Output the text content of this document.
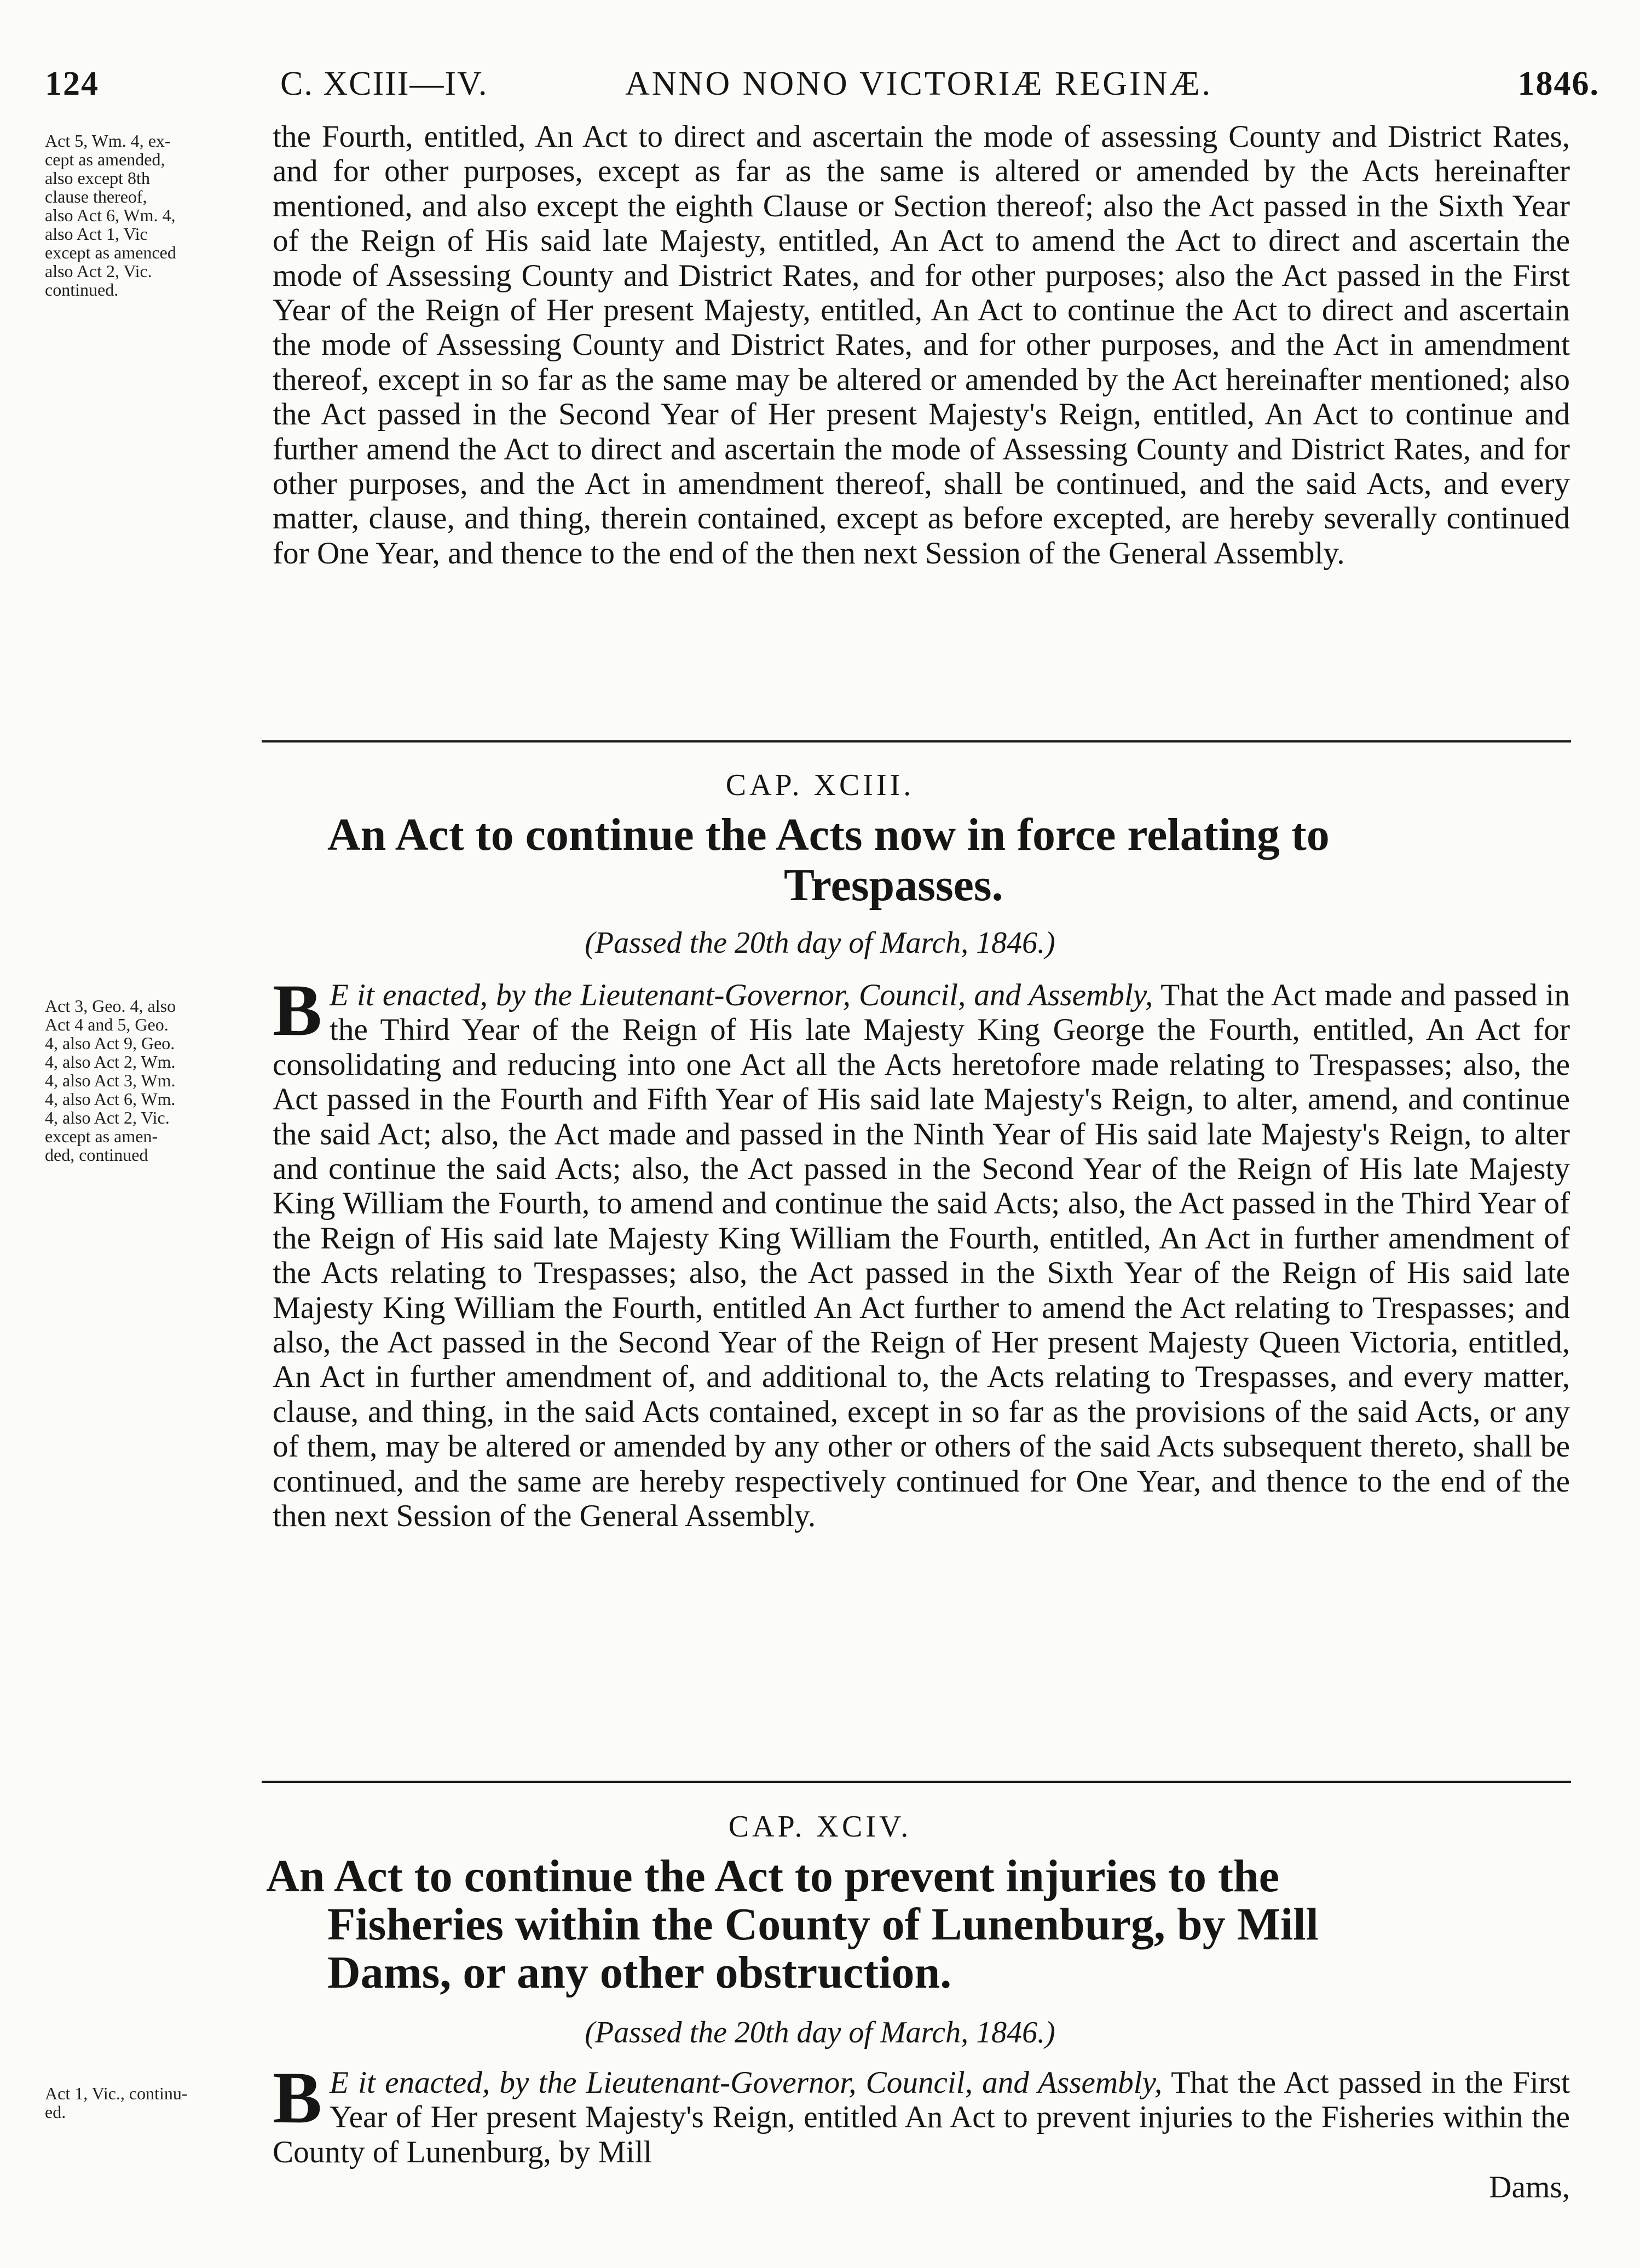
124	C. XCIII—IV.	ANNO NONO VICTORIÆ REGINÆ.	1846.
Act 5, Wm. 4, ex-
cept as amended,
also except 8th
clause thereof,
also Act 6, Wm. 4,
also Act 1, Vic
except as amenced
also Act 2, Vic.
continued.
the Fourth, entitled, An Act to direct and ascertain the mode of assessing County and District Rates, and for other purposes, except as far as the same is altered or amended by the Acts hereinafter mentioned, and also except the eighth Clause or Section thereof; also the Act passed in the Sixth Year of the Reign of His said late Majesty, entitled, An Act to amend the Act to direct and ascertain the mode of Assessing County and District Rates, and for other purposes; also the Act passed in the First Year of the Reign of Her present Majesty, entitled, An Act to continue the Act to direct and ascertain the mode of Assessing County and District Rates, and for other purposes, and the Act in amendment thereof, except in so far as the same may be altered or amended by the Act hereinafter mentioned; also the Act passed in the Second Year of Her present Majesty's Reign, entitled, An Act to continue and further amend the Act to direct and ascertain the mode of Assessing County and District Rates, and for other purposes, and the Act in amendment thereof, shall be continued, and the said Acts, and every matter, clause, and thing, therein contained, except as before excepted, are hereby severally continued for One Year, and thence to the end of the then next Session of the General Assembly.
CAP. XCIII.
An Act to continue the Acts now in force relating to
Trespasses.
(Passed the 20th day of March, 1846.)
Act 3, Geo. 4, also
Act 4 and 5, Geo.
4, also Act 9, Geo.
4, also Act 2, Wm.
4, also Act 3, Wm.
4, also Act 6, Wm.
4, also Act 2, Vic.
except as amen-
ded, continued
B E it enacted, by the Lieutenant-Governor, Council, and Assembly, That the Act made and passed in the Third Year of the Reign of His late Majesty King George the Fourth, entitled, An Act for consolidating and reducing into one Act all the Acts heretofore made relating to Trespasses; also, the Act passed in the Fourth and Fifth Year of His said late Majesty's Reign, to alter, amend, and continue the said Act; also, the Act made and passed in the Ninth Year of His said late Majesty's Reign, to alter and continue the said Acts; also, the Act passed in the Second Year of the Reign of His late Majesty King William the Fourth, to amend and continue the said Acts; also, the Act passed in the Third Year of the Reign of His said late Majesty King William the Fourth, entitled, An Act in further amendment of the Acts relating to Trespasses; also, the Act passed in the Sixth Year of the Reign of His said late Majesty King William the Fourth, entitled An Act further to amend the Act relating to Trespasses; and also, the Act passed in the Second Year of the Reign of Her present Majesty Queen Victoria, entitled, An Act in further amendment of, and additional to, the Acts relating to Trespasses, and every matter, clause, and thing, in the said Acts contained, except in so far as the provisions of the said Acts, or any of them, may be altered or amended by any other or others of the said Acts subsequent thereto, shall be continued, and the same are hereby respectively continued for One Year, and thence to the end of the then next Session of the General Assembly.
CAP. XCIV.
An Act to continue the Act to prevent injuries to the
Fisheries within the County of Lunenburg, by Mill
Dams, or any other obstruction.
(Passed the 20th day of March, 1846.)
Act 1, Vic., continu-
ed.	B E it enacted, by the Lieutenant-Governor, Council, and Assembly, That the Act passed in the First Year of Her present Majesty's Reign, entitled An Act to prevent injuries to the Fisheries within the County of Lunenburg, by Mill
Dams,
